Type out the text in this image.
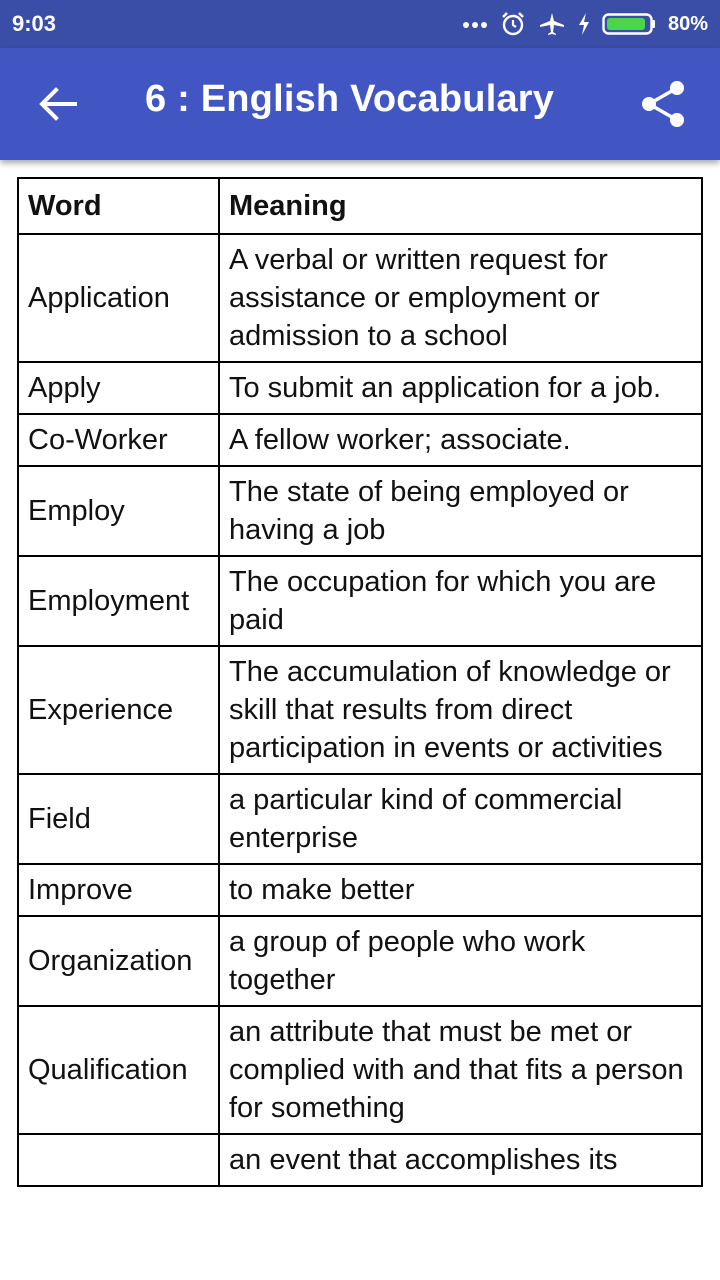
9:03	80%
6 : English Vocabulary
Word	Meaning
Application	A verbal or written request for assistance or employment or admission to a school
Apply	To submit an application for a job.
Co-Worker	A fellow worker; associate.
Employ	The state of being employed or having a job
Employment	The occupation for which you are paid
Experience	The accumulation of knowledge or skill that results from direct participation in events or activities
Field	a particular kind of commercial enterprise
Improve	to make better
Organization	a group of people who work together
Qualification	an attribute that must be met or complied with and that fits a person for something
	an event that accomplishes its
